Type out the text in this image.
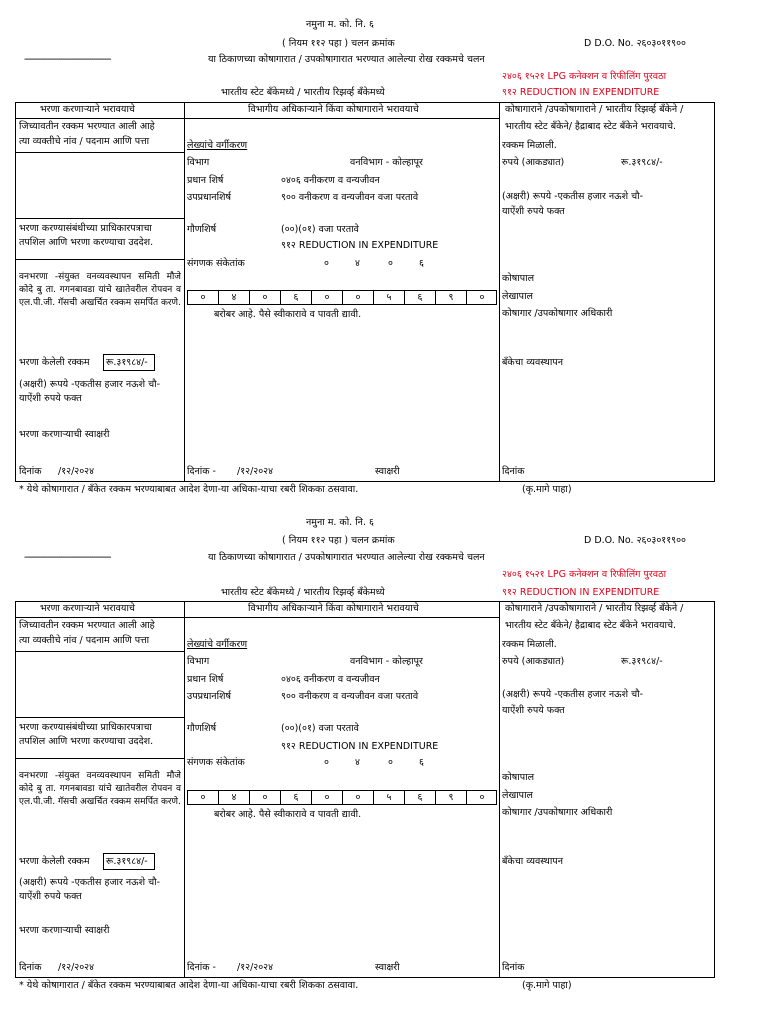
नमुना म. को. नि. ६
( नियम ११२ पहा ) चलन क्रमांक	D D.O. No. २६०३०११९००
-----------------------------------------------	या ठिकाणच्या कोषागारात / उपकोषागारात भरण्यात आलेल्या रोख रक्कमचे चलन
२४०६ १५२१ LPG कनेक्शन व रिफीलिंग पुरवठा
भारतीय स्टेट बँकेमध्ये / भारतीय रिझर्व्ह बँकेमध्ये	९१२ REDUCTION IN EXPENDITURE
भरणा करणाऱ्याने भरावयाचे	विभागीय अधिकाऱ्याने किंवा कोषागाराने भरावयाचे	कोषागाराने /उपकोषागाराने / भारतीय रिझर्व्ह बँकेने /
भारतीय स्टेट बँकेने/ हैद्राबाद स्टेट बँकेने भरावयाचे.
जिच्यावतीन रक्कम भरण्यात आली आहे
त्या व्यक्तीचे नांव / पदनाम आणि पत्ता
भरणा करण्यासंबंधीच्या प्राधिकारपत्राचा
तपशिल आणि भरणा करण्याचा उददेश.
वनभरणा -संयुक्त वनव्यवस्थापन समिती मौजे कोदे बु ता. गगनबावडा यांचे खातेवरील रोपवन व एल.पी.जी. गॅसची अखर्चित रक्कम समर्पित करणे.
भरणा केलेली रक्कम रू.३१९८४/-
(अक्षरी) रूपये -एकतीस हजार नऊशे चौ-
याऐंशी रुपये फक्त
भरणा करणाऱ्याची स्वाक्षरी
दिनांक /१२/२०२४
लेख्यांचे वर्गीकरण
विभाग	वनविभाग - कोल्हापूर
प्रधान शिर्ष	०४०६ वनीकरण व वन्यजीवन
उपप्रधानशिर्ष	९०० वनीकरण व वन्यजीवन वजा परतावे
गौणशिर्ष	(००)(०१) वजा परतावे
९१२ REDUCTION IN EXPENDITURE
संगणक संकेतांक	०	४	०	६
०	४	०	६	०	०	५	६	९	०
बरोबर आहे. पैसे स्वीकारावे व पावती द्यावी.
दिनांक - /१२/२०२४	स्वाक्षरी
रक्कम मिळाली.
रुपये (आकड्यात)	रू.३१९८४/-
(अक्षरी) रूपये -एकतीस हजार नऊशे चौ-
याऐंशी रुपये फक्त
कोषापाल
लेखापाल
कोषागार /उपकोषागार अधिकारी
बँकेचा व्यवस्थापन
दिनांक
* येथे कोषागारात / बँकेत रक्कम भरण्याबाबत आदेश देणा-या अधिका-याचा रबरी शिकका ठसवावा.	(कृ.मागे पाहा)
नमुना म. को. नि. ६
( नियम ११२ पहा ) चलन क्रमांक	D D.O. No. २६०३०११९००
-----------------------------------------------	या ठिकाणच्या कोषागारात / उपकोषागारात भरण्यात आलेल्या रोख रक्कमचे चलन
२४०६ १५२१ LPG कनेक्शन व रिफीलिंग पुरवठा
भारतीय स्टेट बँकेमध्ये / भारतीय रिझर्व्ह बँकेमध्ये	९१२ REDUCTION IN EXPENDITURE
भरणा करणाऱ्याने भरावयाचे	विभागीय अधिकाऱ्याने किंवा कोषागाराने भरावयाचे	कोषागाराने /उपकोषागाराने / भारतीय रिझर्व्ह बँकेने /
भारतीय स्टेट बँकेने/ हैद्राबाद स्टेट बँकेने भरावयाचे.
जिच्यावतीन रक्कम भरण्यात आली आहे
त्या व्यक्तीचे नांव / पदनाम आणि पत्ता
भरणा करण्यासंबंधीच्या प्राधिकारपत्राचा
तपशिल आणि भरणा करण्याचा उददेश.
वनभरणा -संयुक्त वनव्यवस्थापन समिती मौजे कोदे बु ता. गगनबावडा यांचे खातेवरील रोपवन व एल.पी.जी. गॅसची अखर्चित रक्कम समर्पित करणे.
भरणा केलेली रक्कम रू.३१९८४/-
(अक्षरी) रूपये -एकतीस हजार नऊशे चौ-
याऐंशी रुपये फक्त
भरणा करणाऱ्याची स्वाक्षरी
दिनांक /१२/२०२४
लेख्यांचे वर्गीकरण
विभाग	वनविभाग - कोल्हापूर
प्रधान शिर्ष	०४०६ वनीकरण व वन्यजीवन
उपप्रधानशिर्ष	९०० वनीकरण व वन्यजीवन वजा परतावे
गौणशिर्ष	(००)(०१) वजा परतावे
९१२ REDUCTION IN EXPENDITURE
संगणक संकेतांक	०	४	०	६
०	४	०	६	०	०	५	६	९	०
बरोबर आहे. पैसे स्वीकारावे व पावती द्यावी.
दिनांक - /१२/२०२४	स्वाक्षरी
रक्कम मिळाली.
रुपये (आकड्यात)	रू.३१९८४/-
(अक्षरी) रूपये -एकतीस हजार नऊशे चौ-
याऐंशी रुपये फक्त
कोषापाल
लेखापाल
कोषागार /उपकोषागार अधिकारी
बँकेचा व्यवस्थापन
दिनांक
* येथे कोषागारात / बँकेत रक्कम भरण्याबाबत आदेश देणा-या अधिका-याचा रबरी शिकका ठसवावा.	(कृ.मागे पाहा)
